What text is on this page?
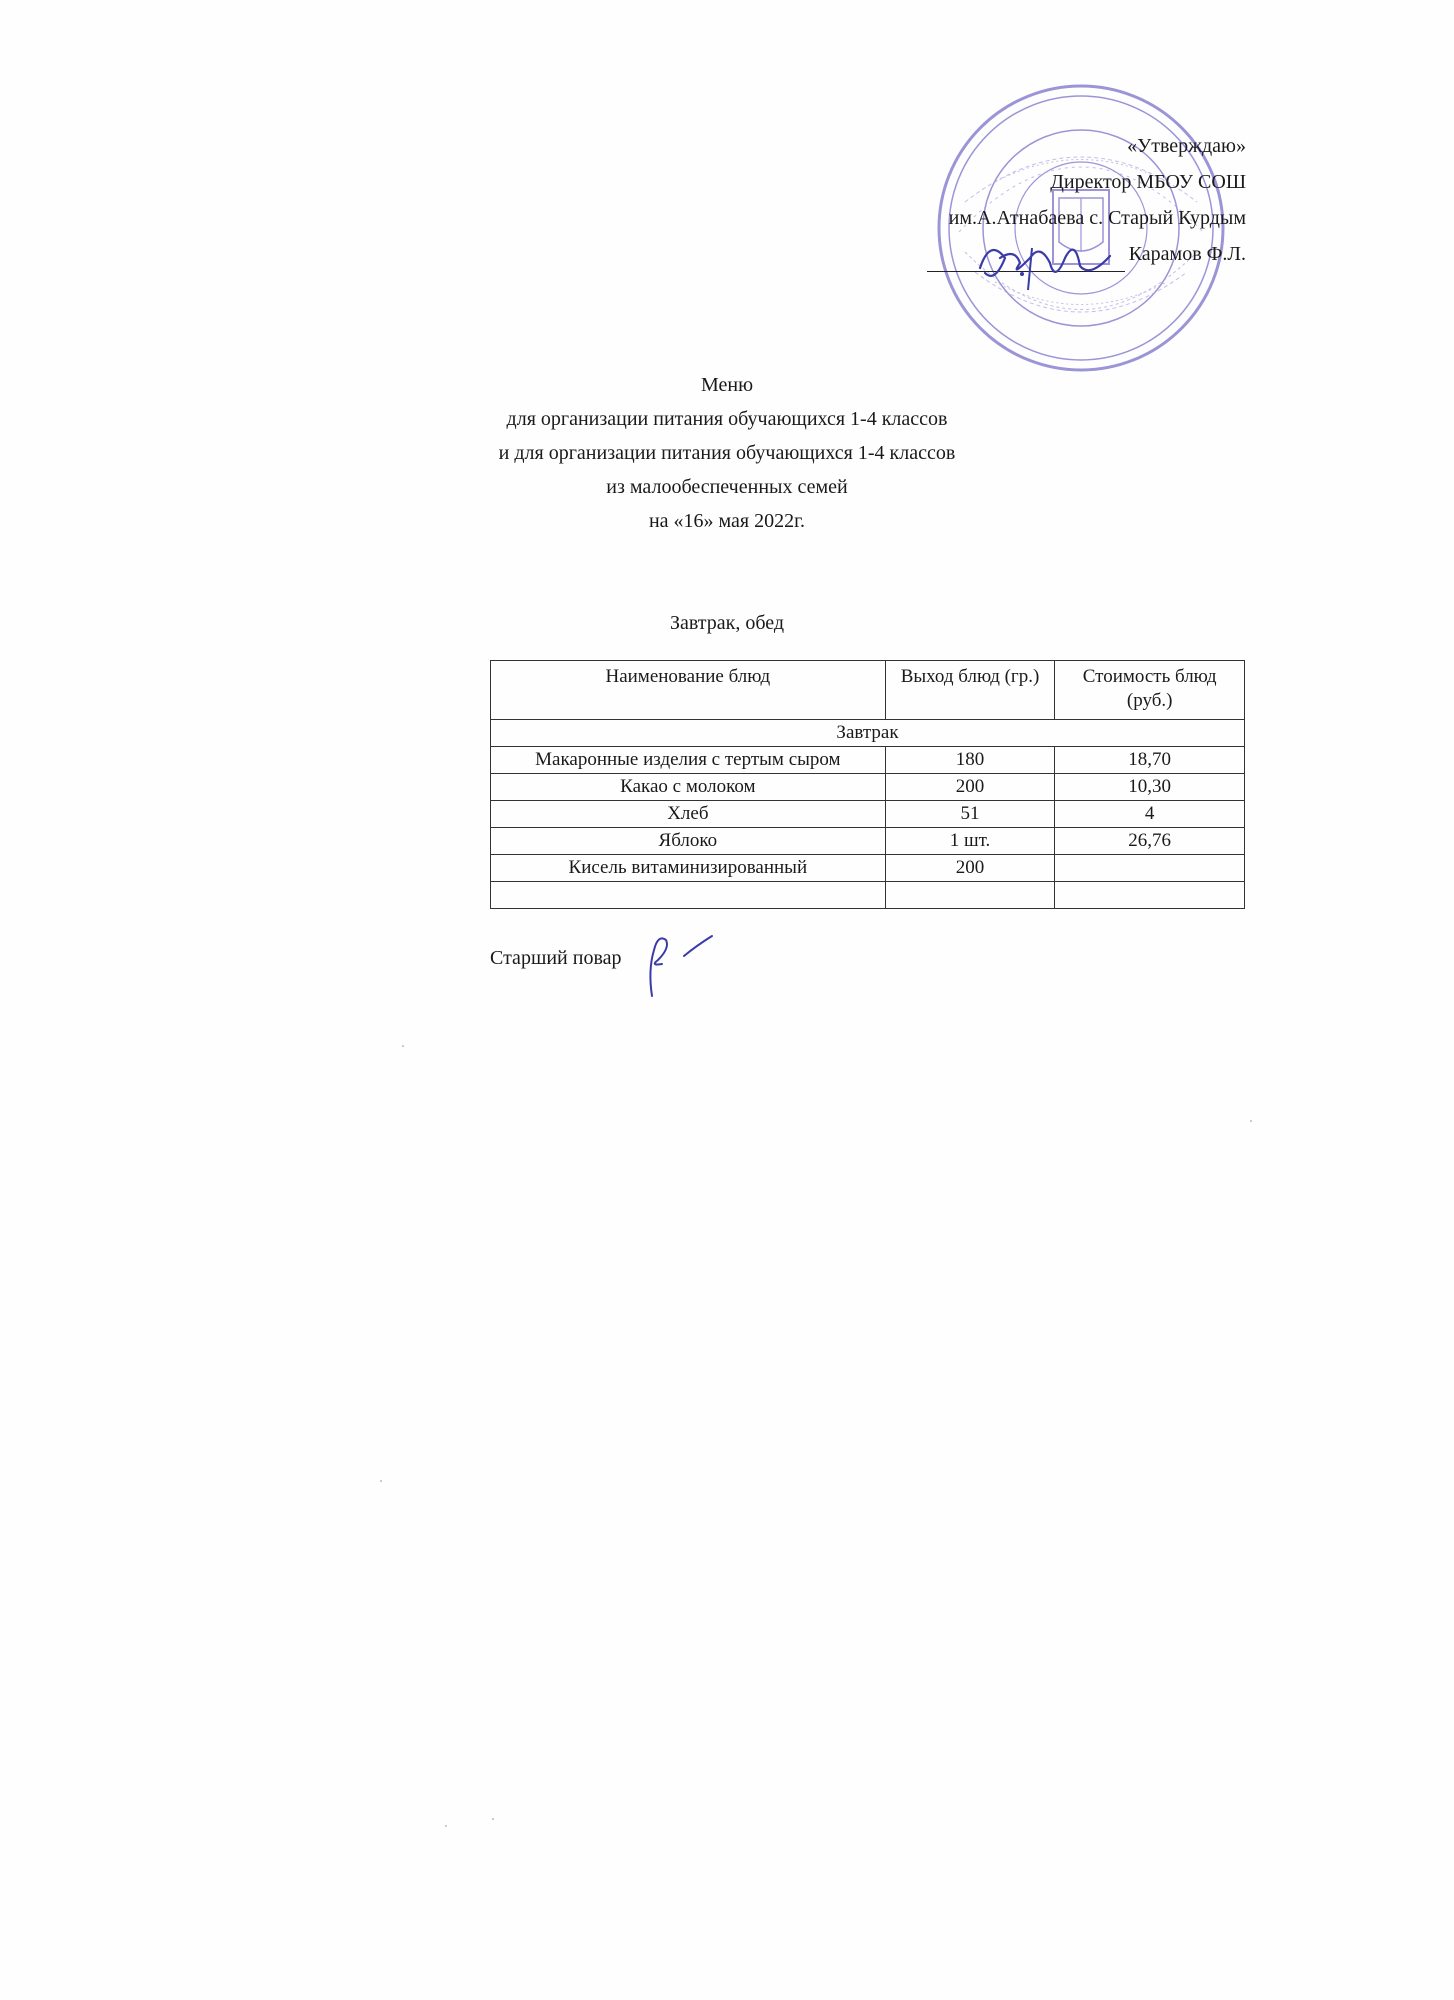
«Утверждаю»
Директор МБОУ СОШ
им.А.Атнабаева с. Старый Курдым
Карамов Ф.Л.
Меню
для организации питания обучающихся 1-4 классов
и для организации питания обучающихся 1-4 классов
из малообеспеченных семей
на «16» мая 2022г.
Завтрак, обед
Наименование блюд	Выход блюд (гр.)	Стоимость блюд (руб.)
Завтрак		
Макаронные изделия с тертым сыром	180	18,70
Какао с молоком	200	10,30
Хлеб	51	4
Яблоко	1 шт.	26,76
Кисель витаминизированный	200	

Старший повар
